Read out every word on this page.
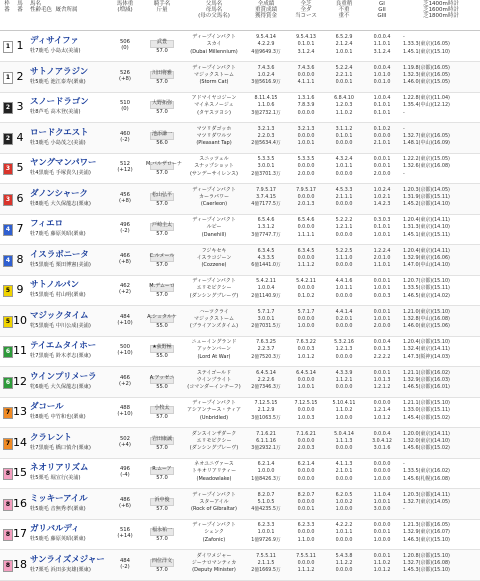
枠
番
馬
番
馬名
性齢毛色  厩舎所属
馬体重
(増減)
騎手名
斤量
父馬名
母馬名
(母の父馬名)
全成績
重賞成績
獲得賞金
全芝
全ダ
当コース
良重稍
不重
重不
GI
GII
GIII
芝1400m時計
芝1600m時計
芝1800m時計
1 1 ディサイファ
牡7鹿毛 小島太(美浦)
506
(0)
武豊
57.0
ディープインパクト
スカイ
(Dubai Millennium)
9.5.4.14
4.2.2.9
4億9649.3万
9.5.4.13
0.1.0.1
3.1.2.4
6.5.2.9
2.1.2.4
1.0.0.1
0.0.0.4
1.1.0.1
3.1.2.4
-
1.33.3(東京)(16.05)
1.45.1(東京)(15.10)
1 2 サトノアラジン
牡5鹿毛 池江泰寿(栗東)
526
(+8)
川田将雅
57.0
ディープインパクト
マジックストーム
(Storm Cat)
7.4.3.6
1.0.2.4
3億5616.9万
7.4.3.6
0.0.0.0
4.1.1.1
5.2.2.4
2.2.1.1
0.0.0.1
0.0.0.4
1.0.1.0
0.0.1.0
1.19.8(京都)(16.05)
1.32.3(東京)(16.05)
1.46.0(東京)(15.05)
2 3 スノードラゴン
牡8芦毛 高木登(美浦)
510
(0)
大野拓弥
57.0
アドマイヤコジーン
マイネスノージュ
(タヤスツヨシ)
8.11.4.15
1.1.0.6
3億2732.1万
1.3.1.6
7.8.3.9
0.0.0.0
6.8.4.10
1.2.0.3
1.1.0.2
1.0.0.4
0.1.0.1
0.1.0.1
1.22.8(東京)(11.04)
1.35.4(中山)(12.12)
-
2 4 ロードクエスト
牡3鹿毛 小島茂之(美浦)
460
(-2)
池添謙一
56.0
マツリダゴッホ
マツリダワルツ
(Pleasant Tap)
3.2.1.3
2.2.0.3
2億5634.4万
3.2.1.3
0.0.0.0
1.0.0.1
3.1.1.2
0.1.0.1
0.0.0.0
0.1.0.2
0.0.0.0
2.1.0.1
-
1.32.7(東京)(16.05)
1.48.1(中山)(16.09)
3 5 ヤングマンパワー
牡4黒鹿毛 手塚貴久(美浦)
512
(+12)
M.バルザローナ
57.0
スニッツェル
スナップショット
(サンデーサイレンス)
5.3.3.5
3.0.0.1
2億3701.3万
5.3.3.5
0.0.0.0
2.0.0.0
4.3.2.4
1.0.1.1
0.0.0.0
0.0.0.1
0.0.0.1
2.0.0.0
1.22.2(東京)(15.05)
1.32.6(東京)(16.08)
-
3 6 ダノンシャーク
牡8鹿毛 大久保龍志(栗東)
456
(+8)
松山弘平
57.0
ディープインパクト
カーラパワー
(Caerleon)
7.9.5.17
3.7.4.15
4億7177.5万
7.9.5.17
0.0.0.0
2.0.1.3
4.5.3.3
2.1.1.1
0.0.0.0
1.0.2.4
1.0.2.1
1.4.2.3
1.20.3(京都)(14.05)
1.31.9(京都)(15.11)
1.45.2(京都)(14.10)
4 7 フィエロ
牡7鹿毛 藤原英昭(栗東)
496
(-2)
戸崎圭太
57.0
ディープインパクト
ルビー
(Danehill)
6.5.4.6
1.3.1.2
3億7747.7万
6.5.4.6
0.0.0.0
1.1.1.1
5.2.2.2
1.2.1.1
0.0.0.0
0.3.0.3
0.1.0.1
1.0.0.1
1.20.4(東京)(14.11)
1.31.3(東京)(14.10)
1.45.1(東京)(15.11)
4 8 イスラボニータ
牡5黒鹿毛 栗田博憲(美浦)
466
(+8)
C.ルメール
57.0
フジキセキ
イスラコジーン
(Cozzene)
6.3.4.5
4.3.3.5
6億1441.0万
6.3.4.5
0.0.0.0
1.1.1.2
5.2.2.5
1.1.1.0
0.0.0.0
1.2.2.4
2.0.1.0
1.1.0.1
1.20.4(東京)(14.11)
1.32.9(東京)(16.06)
1.47.0(中山)(14.10)
5 9 サトノルパン
牡5黒鹿毛 村山明(栗東)
462
(+2)
M.デムーロ
57.0
ディープインパクト
エリモピクシー
(ダンシングブレーヴ)
5.4.2.11
1.0.0.4
2億1140.9万
5.4.2.11
0.0.0.0
0.1.0.2
4.4.1.6
1.0.1.1
0.0.0.0
0.0.0.1
1.0.0.1
0.0.0.3
1.20.7(京都)(15.10)
1.33.5(京都)(15.11)
1.46.5(東京)(14.02)
5 10 マジックタイム
牝5黒鹿毛 中川公成(美浦)
484
(+10)
A.シュタルケ
55.0
ハーツクライ
マジックストーム
(ブライアンズタイム)
5.7.1.7
3.0.0.1
2億7031.5万
5.7.1.7
0.0.0.0
1.0.0.0
4.4.1.4
0.2.0.1
0.0.0.0
0.0.0.1
1.0.0.1
2.0.0.0
1.21.0(東京)(15.10)
1.32.8(中山)(16.08)
1.46.0(東京)(15.06)
6 11 テイエムタイホー
牡7黒鹿毛 鈴木孝志(栗東)
500
(+10)
★荻野極
55.0
ニューイングランド
アッケンバーン
(Lord At War)
7.6.3.25
2.2.3.7
2億7520.3万
7.6.3.22
0.0.0.3
1.0.1.2
5.3.2.16
1.2.1.3
0.0.0.0
0.0.0.4
0.0.1.3
2.2.2.2
1.20.4(京都)(15.10)
1.32.4(東京)(14.11)
1.47.3(阪神)(14.03)
6 12 ウインプリメーラ
牝6鹿毛 大久保龍志(栗東)
466
(+2)
A.アッゼニ
55.0
ステイゴールド
ウインブライト
(コマンダーインチーフ)
6.4.5.14
2.2.2.6
2億7346.3万
6.4.5.14
0.0.0.0
1.0.0.1
4.3.3.9
1.1.2.1
0.0.0.0
0.0.0.1
1.0.1.3
1.2.1.2
1.21.1(京都)(16.02)
1.32.9(京都)(16.03)
1.46.5(京都)(16.01)
7 13 ダコール
牡8鹿毛 中竹和也(栗東)
488
(+10)
小牧太
57.0
ディープインパクト
アシアンナース・ティア
(Unbridled)
7.12.5.15
2.1.2.9
3億1063.5万
7.12.5.15
0.0.0.0
1.0.0.3
5.10.4.11
1.1.0.2
1.0.0.0
0.0.0.0
1.2.1.4
1.0.1.2
1.21.1(京都)(15.10)
1.33.0(京都)(15.11)
1.45.4(京都)(15.02)
7 14 クラレント
牡7黒鹿毛 橋口慎介(栗東)
502
(+4)
岩田康誠
57.0
ダンスインザダーク
エリモピクシー
(ダンシングブレーヴ)
7.1.6.21
6.1.1.16
3億2932.1万
7.1.6.21
0.0.0.0
2.0.0.3
5.0.4.14
1.1.1.3
0.0.0.0
0.0.0.4
3.0.4.12
3.0.1.6
1.20.0(東京)(14.11)
1.32.0(東京)(14.10)
1.45.6(京都)(15.02)
8 15 ネオリアリズム
牡5栗毛 堀宣行(美浦)
496
(-4)
R.ムーア
57.0
ネオユニヴァース
トキオリアリティー
(Meadowlake)
6.2.1.4
1.0.0.0
1億8426.3万
6.2.1.4
0.0.0.0
0.0.0.0
4.1.1.3
2.1.0.1
0.0.0.0
0.0.0.0
0.0.0.0
1.0.0.0
-
1.33.5(東京)(16.02)
1.45.6(札幌)(16.08)
8 16 ミッキーアイル
牡5鹿毛 音無秀孝(栗東)
486
(+6)
浜中俊
57.0
ディープインパクト
スターアイル
(Rock of Gibraltar)
8.2.0.7
5.1.0.5
4億4235.5万
8.2.0.7
0.0.0.0
0.0.0.1
6.2.0.5
1.0.0.2
1.0.0.0
1.1.0.4
1.0.0.1
3.0.0.0
1.20.3(京都)(14.11)
1.32.7(東京)(14.05)
-
8 17 ガリバルディ
牡5鹿毛 藤原英昭(栗東)
516
(+14)
福永祐一
57.0
ディープインパクト
シェンク
(Zafonic)
6.2.3.3
1.0.0.1
1億9726.9万
6.2.3.3
0.0.0.0
1.1.0.0
4.2.2.2
1.0.1.1
0.0.0.0
0.0.0.0
0.0.0.1
1.0.0.0
1.21.3(京都)(16.05)
1.32.9(東京)(16.07)
1.46.3(東京)(15.10)
8 18 サンライズメジャー
牡7栗毛 浜田多実雄(栗東)
484
(-2)
四位洋文
57.0
ダイワメジャー
ジーナロマンティカ
(Deputy Minister)
7.5.5.11
2.1.1.5
2億1669.5万
7.5.5.11
0.0.0.0
1.1.1.2
5.4.3.8
1.1.2.2
0.0.0.0
0.0.0.1
1.1.0.2
1.0.1.2
1.20.8(京都)(15.10)
1.32.7(京都)(16.08)
1.45.3(京都)(15.10)
